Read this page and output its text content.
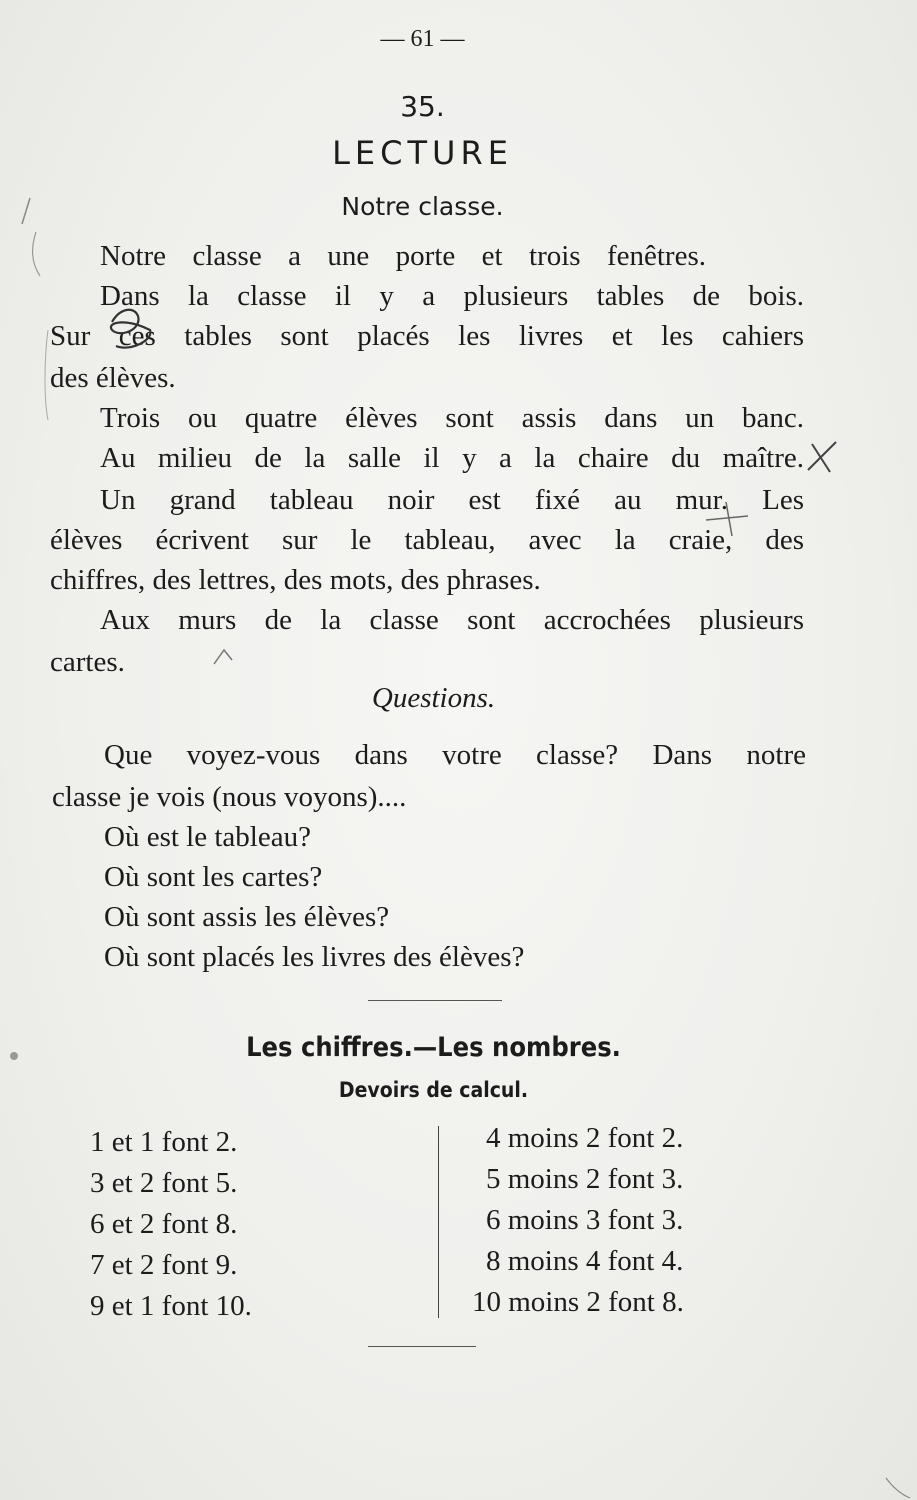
— 61 —
35.
LECTURE
Notre classe.
Notre classe a une porte et trois fenêtres.
Dans la classe il y a plusieurs tables de bois.
Sur ces tables sont placés les livres et les cahiers
des élèves.
Trois ou quatre élèves sont assis dans un banc.
Au milieu de la salle il y a la chaire du maître.
Un grand tableau noir est fixé au mur. Les
élèves écrivent sur le tableau, avec la craie, des
chiffres, des lettres, des mots, des phrases.
Aux murs de la classe sont accrochées plusieurs
cartes.
Questions.
Que voyez-vous dans votre classe? Dans notre
classe je vois (nous voyons)....
Où est le tableau?
Où sont les cartes?
Où sont assis les élèves?
Où sont placés les livres des élèves?
Les chiffres.—Les nombres.
Devoirs de calcul.
1 et 1 font 2.
3 et 2 font 5.
6 et 2 font 8.
7 et 2 font 9.
9 et 1 font 10.
4 moins 2 font 2.
5 moins 2 font 3.
6 moins 3 font 3.
8 moins 4 font 4.
10 moins 2 font 8.
